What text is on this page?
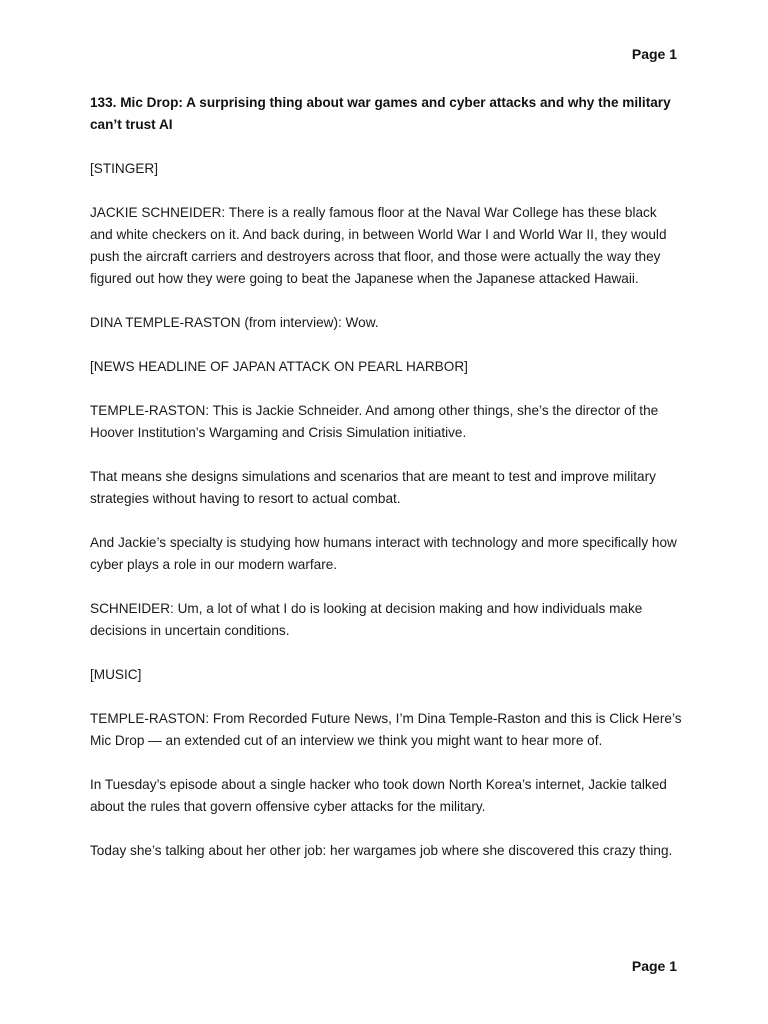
Page 1
133. Mic Drop: A surprising thing about war games and cyber attacks and why the military can’t trust AI

[STINGER]

JACKIE SCHNEIDER: There is a really famous floor at the Naval War College has these black and white checkers on it. And back during, in between World War I and World War II, they would push the aircraft carriers and destroyers across that floor, and those were actually the way they figured out how they were going to beat the Japanese when the Japanese attacked Hawaii.

DINA TEMPLE-RASTON (from interview): Wow.

[NEWS HEADLINE OF JAPAN ATTACK ON PEARL HARBOR]

TEMPLE-RASTON: This is Jackie Schneider. And among other things, she’s the director of the Hoover Institution’s Wargaming and Crisis Simulation initiative.

That means she designs simulations and scenarios that are meant to test and improve military strategies without having to resort to actual combat.

And Jackie’s specialty is studying how humans interact with technology and more specifically how cyber plays a role in our modern warfare.

SCHNEIDER: Um, a lot of what I do is looking at decision making and how individuals make decisions in uncertain conditions.

[MUSIC]

TEMPLE-RASTON: From Recorded Future News, I’m Dina Temple-Raston and this is Click Here’s Mic Drop — an extended cut of an interview we think you might want to hear more of.

In Tuesday’s episode about a single hacker who took down North Korea’s internet, Jackie talked about the rules that govern offensive cyber attacks for the military.

Today she’s talking about her other job: her wargames job where she discovered this crazy thing.

Page 1
